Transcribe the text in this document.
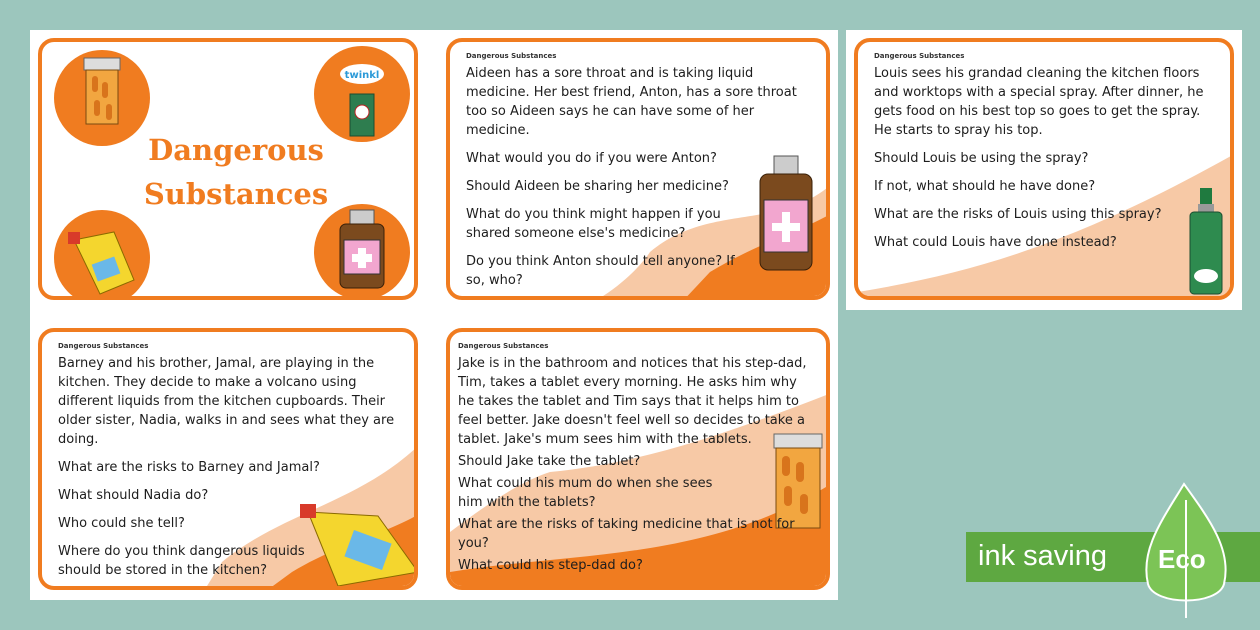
twinkl
Dangerous
Substances
Dangerous Substances

Aideen has a sore throat and is taking liquid medicine. Her best friend, Anton, has a sore throat too so Aideen says he can have some of her medicine.

What would you do if you were Anton?

Should Aideen be sharing her medicine?

What do you think might happen if you shared someone else's medicine?

Do you think Anton should tell anyone? If so, who?

Dangerous Substances

Barney and his brother, Jamal, are playing in the kitchen. They decide to make a volcano using different liquids from the kitchen cupboards. Their older sister, Nadia, walks in and sees what they are doing.

What are the risks to Barney and Jamal?

What should Nadia do?

Who could she tell?

Where do you think dangerous liquids should be stored in the kitchen?

Dangerous Substances

Jake is in the bathroom and notices that his step-dad, Tim, takes a tablet every morning. He asks him why he takes the tablet and Tim says that it helps him to feel better. Jake doesn't feel well so decides to take a tablet. Jake's mum sees him with the tablets.

Should Jake take the tablet?

What could his mum do when she sees him with the tablets?

What are the risks of taking medicine that is not for you?

What could his step-dad do?

Dangerous Substances

Louis sees his grandad cleaning the kitchen floors and worktops with a special spray. After dinner, he gets food on his best top so goes to get the spray. He starts to spray his top.

Should Louis be using the spray?

If not, what should he have done?

What are the risks of Louis using this spray?

What could Louis have done instead?

ink saving Eco
